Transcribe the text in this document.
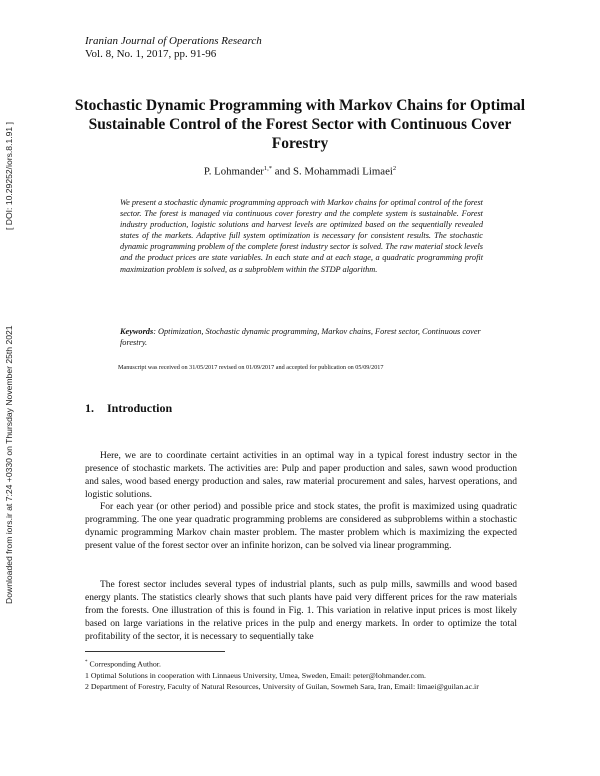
Downloaded from iors.ir at 7:24 +0330 on Thursday November 25th 2021
[ DOI: 10.29252/iors.8.1.91 ]
Iranian Journal of Operations Research
Vol. 8, No. 1, 2017, pp. 91-96
Stochastic Dynamic Programming with Markov Chains for Optimal Sustainable Control of the Forest Sector with Continuous Cover Forestry
P. Lohmander$^{1,*}$ and S. Mohammadi Limaei$^2$
We present a stochastic dynamic programming approach with Markov chains for optimal control of the forest sector. The forest is managed via continuous cover forestry and the complete system is sustainable. Forest industry production, logistic solutions and harvest levels are optimized based on the sequentially revealed states of the markets. Adaptive full system optimization is necessary for consistent results. The stochastic dynamic programming problem of the complete forest industry sector is solved. The raw material stock levels and the product prices are state variables. In each state and at each stage, a quadratic programming profit maximization problem is solved, as a subproblem within the STDP algorithm.
Keywords: Optimization, Stochastic dynamic programming, Markov chains, Forest sector, Continuous cover forestry.
Manuscript was received on 31/05/2017 revised on 01/09/2017 and accepted for publication on 05/09/2017
1. Introduction

Here, we are to coordinate certaint activities in an optimal way in a typical forest industry sector in the presence of stochastic markets. The activities are: Pulp and paper production and sales, sawn wood production and sales, wood based energy production and sales, raw material procurement and sales, harvest operations, and logistic solutions.

For each year (or other period) and possible price and stock states, the profit is maximized using quadratic programming. The one year quadratic programming problems are considered as subproblems within a stochastic dynamic programming Markov chain master problem. The master problem which is maximizing the expected present value of the forest sector over an infinite horizon, can be solved via linear programming.

The forest sector includes several types of industrial plants, such as pulp mills, sawmills and wood based energy plants. The statistics clearly shows that such plants have paid very different prices for the raw materials from the forests. One illustration of this is found in Fig. 1. This variation in relative input prices is most likely based on large variations in the relative prices in the pulp and energy markets. In order to optimize the total profitability of the sector, it is necessary to sequentially take

* Corresponding Author.

1 Optimal Solutions in cooperation with Linnaeus University, Umea, Sweden, Email: peter@lohmander.com.

2 Department of Forestry, Faculty of Natural Resources, University of Guilan, Sowmeh Sara, Iran, Email: limaei@guilan.ac.ir
